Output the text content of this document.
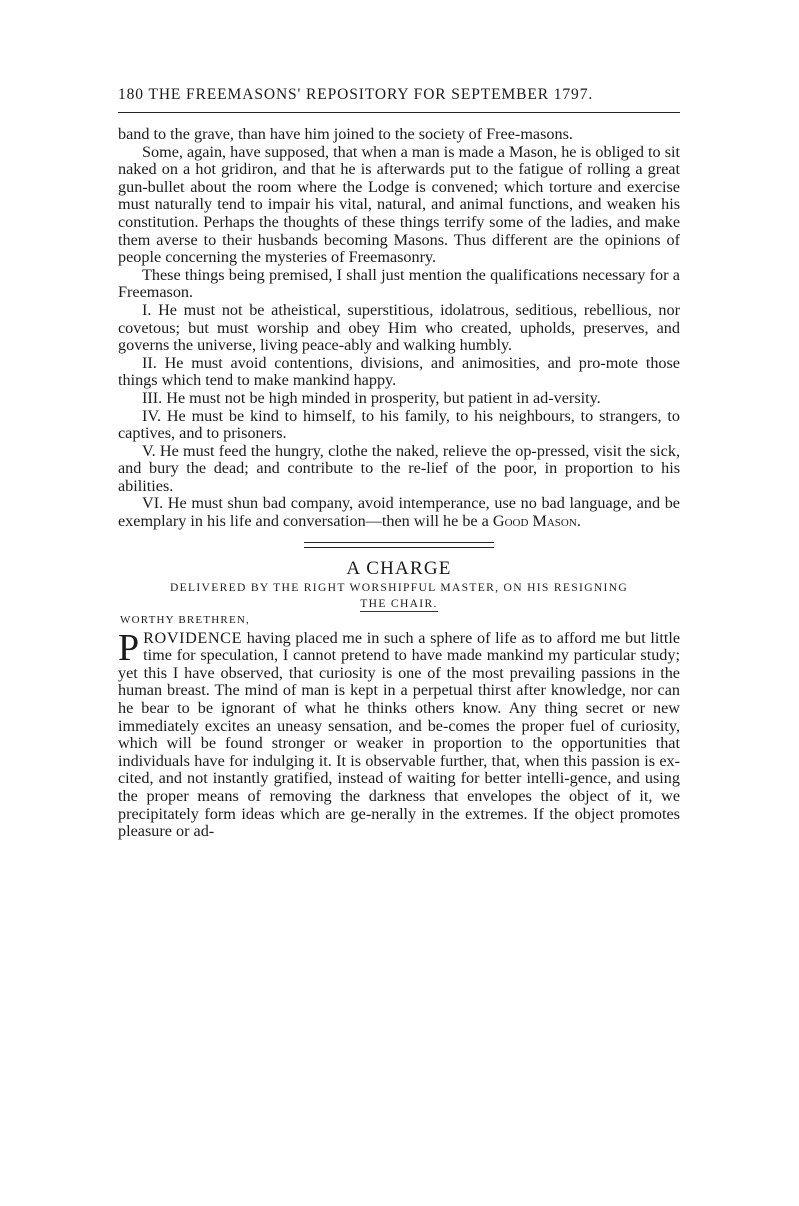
180 THE FREEMASONS' REPOSITORY FOR SEPTEMBER 1797.

band to the grave, than have him joined to the society of Free-masons.

Some, again, have supposed, that when a man is made a Mason, he is obliged to sit naked on a hot gridiron, and that he is afterwards put to the fatigue of rolling a great gun-bullet about the room where the Lodge is convened; which torture and exercise must naturally tend to impair his vital, natural, and animal functions, and weaken his constitution. Perhaps the thoughts of these things terrify some of the ladies, and make them averse to their husbands becoming Masons. Thus different are the opinions of people concerning the mysteries of Freemasonry.

These things being premised, I shall just mention the qualifications necessary for a Freemason.

I. He must not be atheistical, superstitious, idolatrous, seditious, rebellious, nor covetous; but must worship and obey Him who created, upholds, preserves, and governs the universe, living peace-ably and walking humbly.

II. He must avoid contentions, divisions, and animosities, and pro-mote those things which tend to make mankind happy.

III. He must not be high minded in prosperity, but patient in ad-versity.

IV. He must be kind to himself, to his family, to his neighbours, to strangers, to captives, and to prisoners.

V. He must feed the hungry, clothe the naked, relieve the op-pressed, visit the sick, and bury the dead; and contribute to the re-lief of the poor, in proportion to his abilities.

VI. He must shun bad company, avoid intemperance, use no bad language, and be exemplary in his life and conversation—then will he be a Good Mason.

A CHARGE

DELIVERED BY THE RIGHT WORSHIPFUL MASTER, ON HIS RESIGNING

THE CHAIR.

WORTHY BRETHREN,

PROVIDENCE having placed me in such a sphere of life as to afford me but little time for speculation, I cannot pretend to have made mankind my particular study; yet this I have observed, that curiosity is one of the most prevailing passions in the human breast. The mind of man is kept in a perpetual thirst after knowledge, nor can he bear to be ignorant of what he thinks others know. Any thing secret or new immediately excites an uneasy sensation, and be-comes the proper fuel of curiosity, which will be found stronger or weaker in proportion to the opportunities that individuals have for indulging it. It is observable further, that, when this passion is ex-cited, and not instantly gratified, instead of waiting for better intelli-gence, and using the proper means of removing the darkness that envelopes the object of it, we precipitately form ideas which are ge-nerally in the extremes. If the object promotes pleasure or ad-
